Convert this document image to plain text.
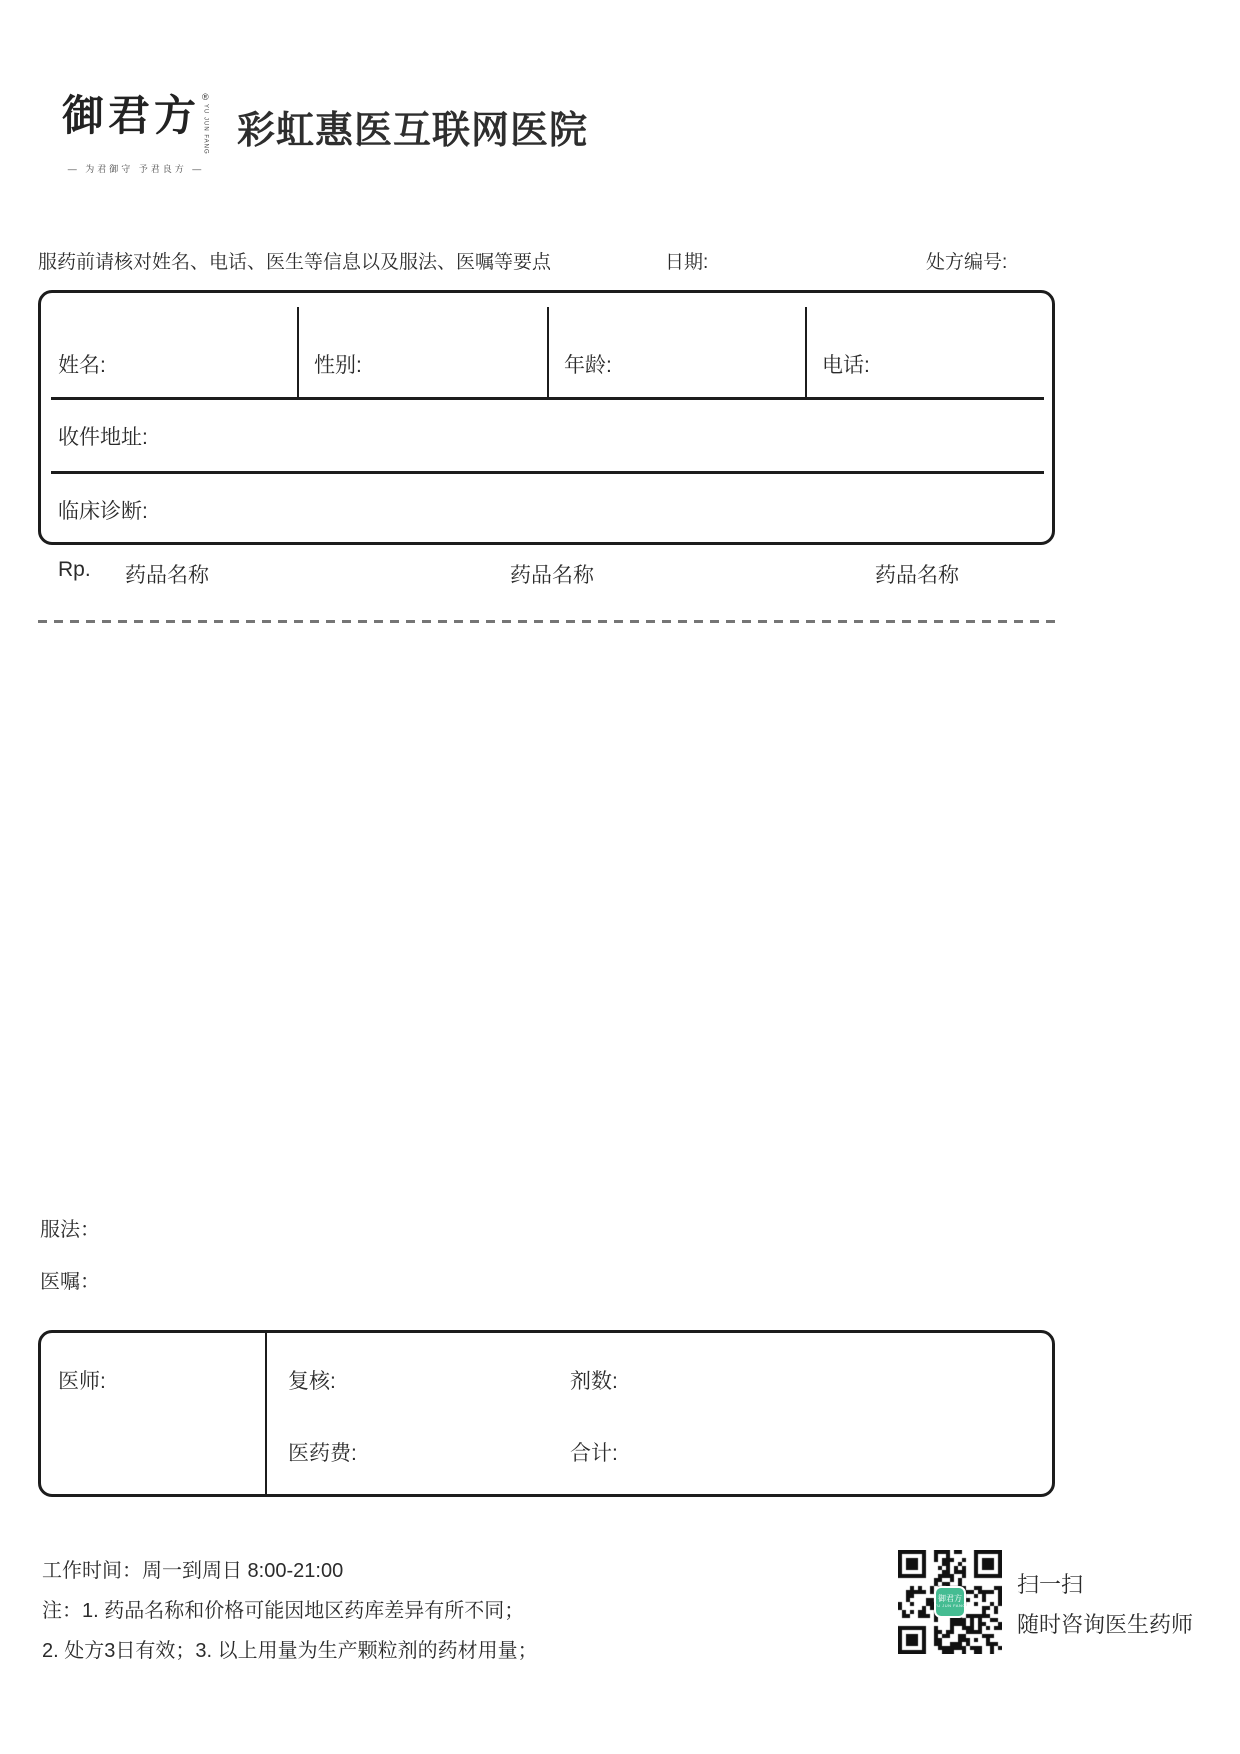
御君方 ®
YU JUN FANG
— 为君御守 予君良方 —
彩虹惠医互联网医院
服药前请核对姓名、电话、医生等信息以及服法、医嘱等要点	日期:	处方编号:
姓名:	性别:	年龄:	电话:
收件地址:
临床诊断:
Rp. 药品名称	药品名称	药品名称
服法：
医嘱：
医师:	复核:	剂数:
医药费:	合计:
工作时间：周一到周日 8:00-21:00
注：1. 药品名称和价格可能因地区药库差异有所不同；
2. 处方3日有效；3. 以上用量为生产颗粒剂的药材用量；
御君方
YU JUN FANG
扫一扫
随时咨询医生药师
